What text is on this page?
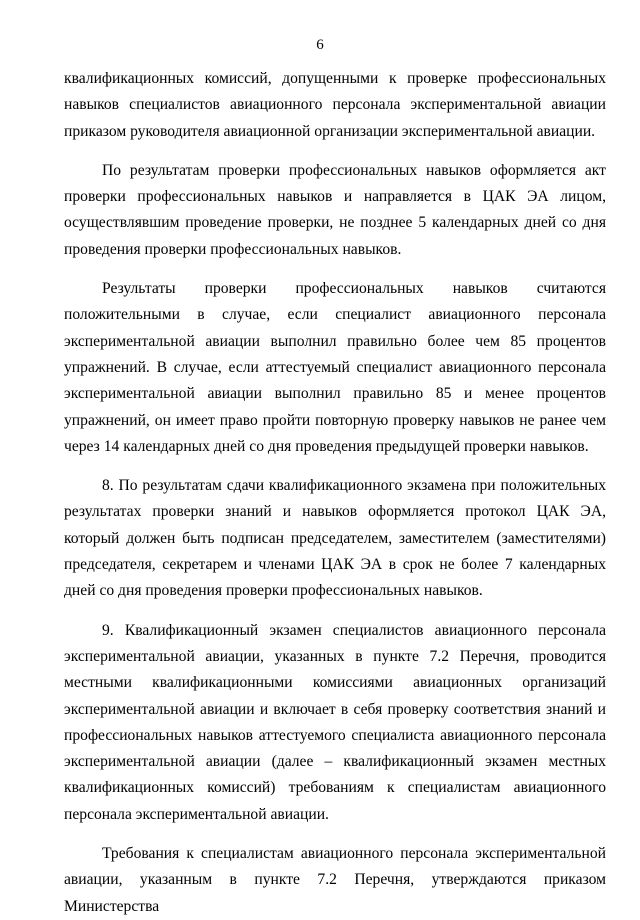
6

квалификационных комиссий, допущенными к проверке профессиональных навыков специалистов авиационного персонала экспериментальной авиации приказом руководителя авиационной организации экспериментальной авиации.

По результатам проверки профессиональных навыков оформляется акт проверки профессиональных навыков и направляется в ЦАК ЭА лицом, осуществлявшим проведение проверки, не позднее 5 календарных дней со дня проведения проверки профессиональных навыков.

Результаты проверки профессиональных навыков считаются положительными в случае, если специалист авиационного персонала экспериментальной авиации выполнил правильно более чем 85 процентов упражнений. В случае, если аттестуемый специалист авиационного персонала экспериментальной авиации выполнил правильно 85 и менее процентов упражнений, он имеет право пройти повторную проверку навыков не ранее чем через 14 календарных дней со дня проведения предыдущей проверки навыков.

8. По результатам сдачи квалификационного экзамена при положительных результатах проверки знаний и навыков оформляется протокол ЦАК ЭА, который должен быть подписан председателем, заместителем (заместителями) председателя, секретарем и членами ЦАК ЭА в срок не более 7 календарных дней со дня проведения проверки профессиональных навыков.

9. Квалификационный экзамен специалистов авиационного персонала экспериментальной авиации, указанных в пункте 7.2 Перечня, проводится местными квалификационными комиссиями авиационных организаций экспериментальной авиации и включает в себя проверку соответствия знаний и профессиональных навыков аттестуемого специалиста авиационного персонала экспериментальной авиации (далее – квалификационный экзамен местных квалификационных комиссий) требованиям к специалистам авиационного персонала экспериментальной авиации.

Требования к специалистам авиационного персонала экспериментальной авиации, указанным в пункте 7.2 Перечня, утверждаются приказом Министерства
